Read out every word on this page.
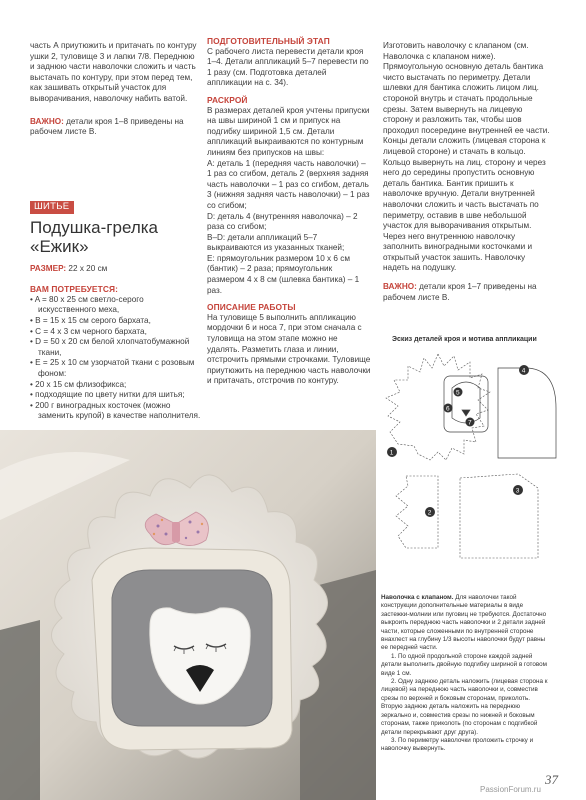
часть А приутюжить и притачать по контуру ушки 2, туловище 3 и лапки 7/8. Переднюю и заднюю части наволочки сложить и часть выстачать по контуру, при этом перед тем, как зашивать открытый участок для выворачивания, наволочку набить ватой.

ВАЖНО: детали кроя 1–8 приведены на рабочем листе В.

ШИТЬЕ
Подушка-грелка
«Ежик»

РАЗМЕР: 22 x 20 см

ВАМ ПОТРЕБУЕТСЯ:

• A = 80 x 25 см светло-серого искусственного меха,

• B = 15 x 15 см серого бархата,

• C = 4 x 3 см черного бархата,

• D = 50 x 20 см белой хлопчатобумажной ткани,

• E = 25 x 10 см узорчатой ткани с розовым фоном:

• 20 x 15 см флизофикса;

• подходящие по цвету нитки для шитья;

• 200 г виноградных косточек (можно заменить крупой) в качестве наполнителя.

ПОДГОТОВИТЕЛЬНЫЙ ЭТАП

С рабочего листа перевести детали кроя 1–4. Детали аппликаций 5–7 перевести по 1 разу (см. Подготовка деталей аппликации на с. 34).

РАСКРОЙ

В размерах деталей кроя учтены припуски на швы шириной 1 см и припуск на подгибку шириной 1,5 см. Детали аппликаций выкраиваются по контурным линиям без припусков на швы:

A: деталь 1 (передняя часть наволочки) – 1 раз со сгибом, деталь 2 (верхняя задняя часть наволочки – 1 раз со сгибом, деталь 3 (нижняя задняя часть наволочки) – 1 раз со сгибом;

D: деталь 4 (внутренняя наволочка) – 2 раза со сгибом;

B–D: детали аппликаций 5–7 выкраиваются из указанных тканей;

E: прямоугольник размером 10 x 6 см (бантик) – 2 раза; прямоугольник размером 4 x 8 см (шлевка бантика) – 1 раз.

ОПИСАНИЕ РАБОТЫ

На туловище 5 выполнить аппликацию мордочки 6 и носа 7, при этом сначала с туловища на этом этапе можно не удалять. Разметить глаза и линии, отстрочить прямыми строчками. Туловище приутюжить на переднюю часть наволочки и притачать, отстрочив по контуру.

Изготовить наволочку с клапаном (см. Наволочка с клапаном ниже). Прямоугольную основную деталь бантика чисто выстачать по периметру. Детали шлевки для бантика сложить лицом лиц. стороной внутрь и стачать продольные срезы. Затем вывернуть на лицевую сторону и разложить так, чтобы шов проходил посередине внутренней ее части. Концы детали сложить (лицевая сторона к лицевой стороне) и стачать в кольцо. Кольцо вывернуть на лиц. сторону и через него до середины пропустить основную деталь бантика. Бантик пришить к наволочке вручную. Детали внутренней наволочки сложить и часть выстачать по периметру, оставив в шве небольшой участок для выворачивания открытым. Через него внутреннюю наволочку заполнить виноградными косточками и открытый участок зашить. Наволочку надеть на подушку.

ВАЖНО: детали кроя 1–7 приведены на рабочем листе В.

Эскиз деталей кроя и мотива аппликации
1
2
3
4
5
6
7

Наволочка с клапаном. Для наволочки такой конструкции дополнительные материалы в виде застежки-молнии или пуговиц не требуются. Достаточно выкроить переднюю часть наволочки и 2 детали задней части, которые сложенными по внутренней стороне внахлест на глубину 1/3 высоты наволочки будут равны ее передней части.

1. По одной продольной стороне каждой задней детали выполнить двойную подгибку шириной в готовом виде 1 см.

2. Одну заднюю деталь наложить (лицевая сторона к лицевой) на переднюю часть наволочки и, совместив срезы по верхней и боковым сторонам, приколоть. Вторую заднюю деталь наложить на переднюю зеркально и, совместив срезы по нижней и боковым сторонам, также приколоть (по сторонам с подгибкой детали перекрывают друг друга).

3. По периметру наволочки проложить строчку и наволочку вывернуть.

37
PassionForum.ru
